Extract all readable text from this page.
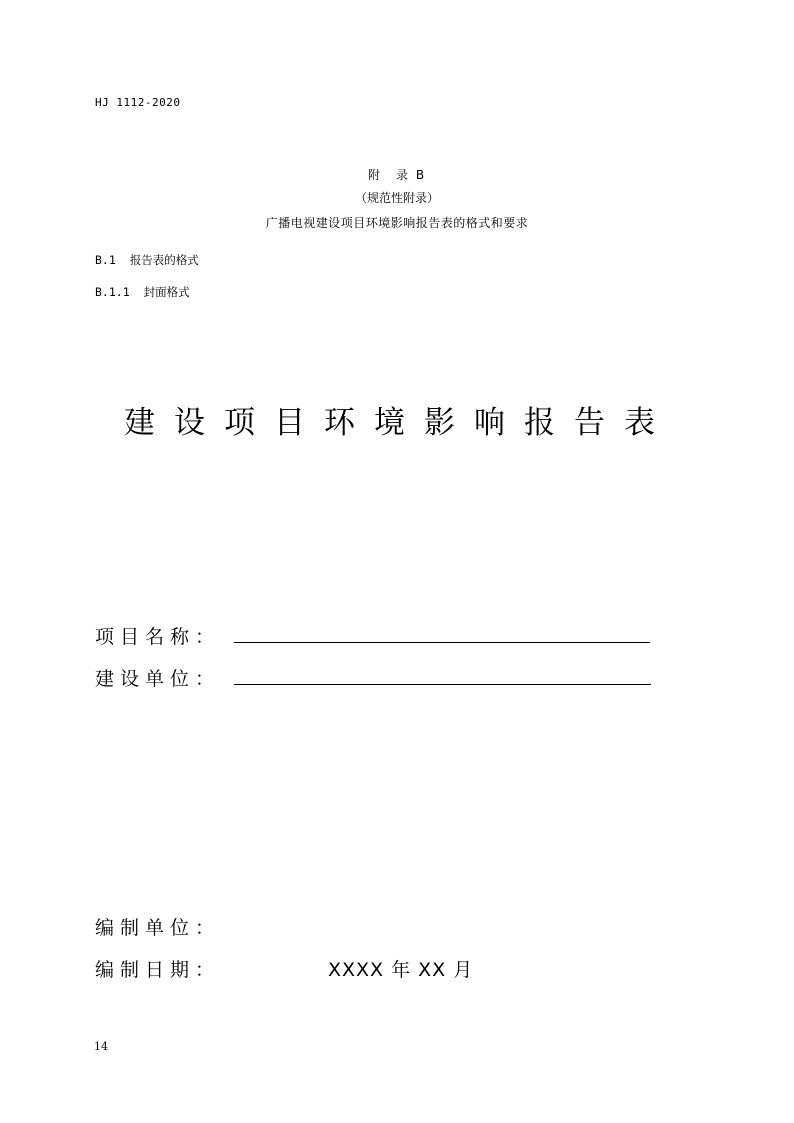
HJ 1112-2020
附 录 B
（规范性附录）
广播电视建设项目环境影响报告表的格式和要求
B.1 报告表的格式
B.1.1 封面格式
建设项目环境影响报告表
项目名称：
建设单位：
编制单位：
编制日期：	XXXX 年 XX 月
14
